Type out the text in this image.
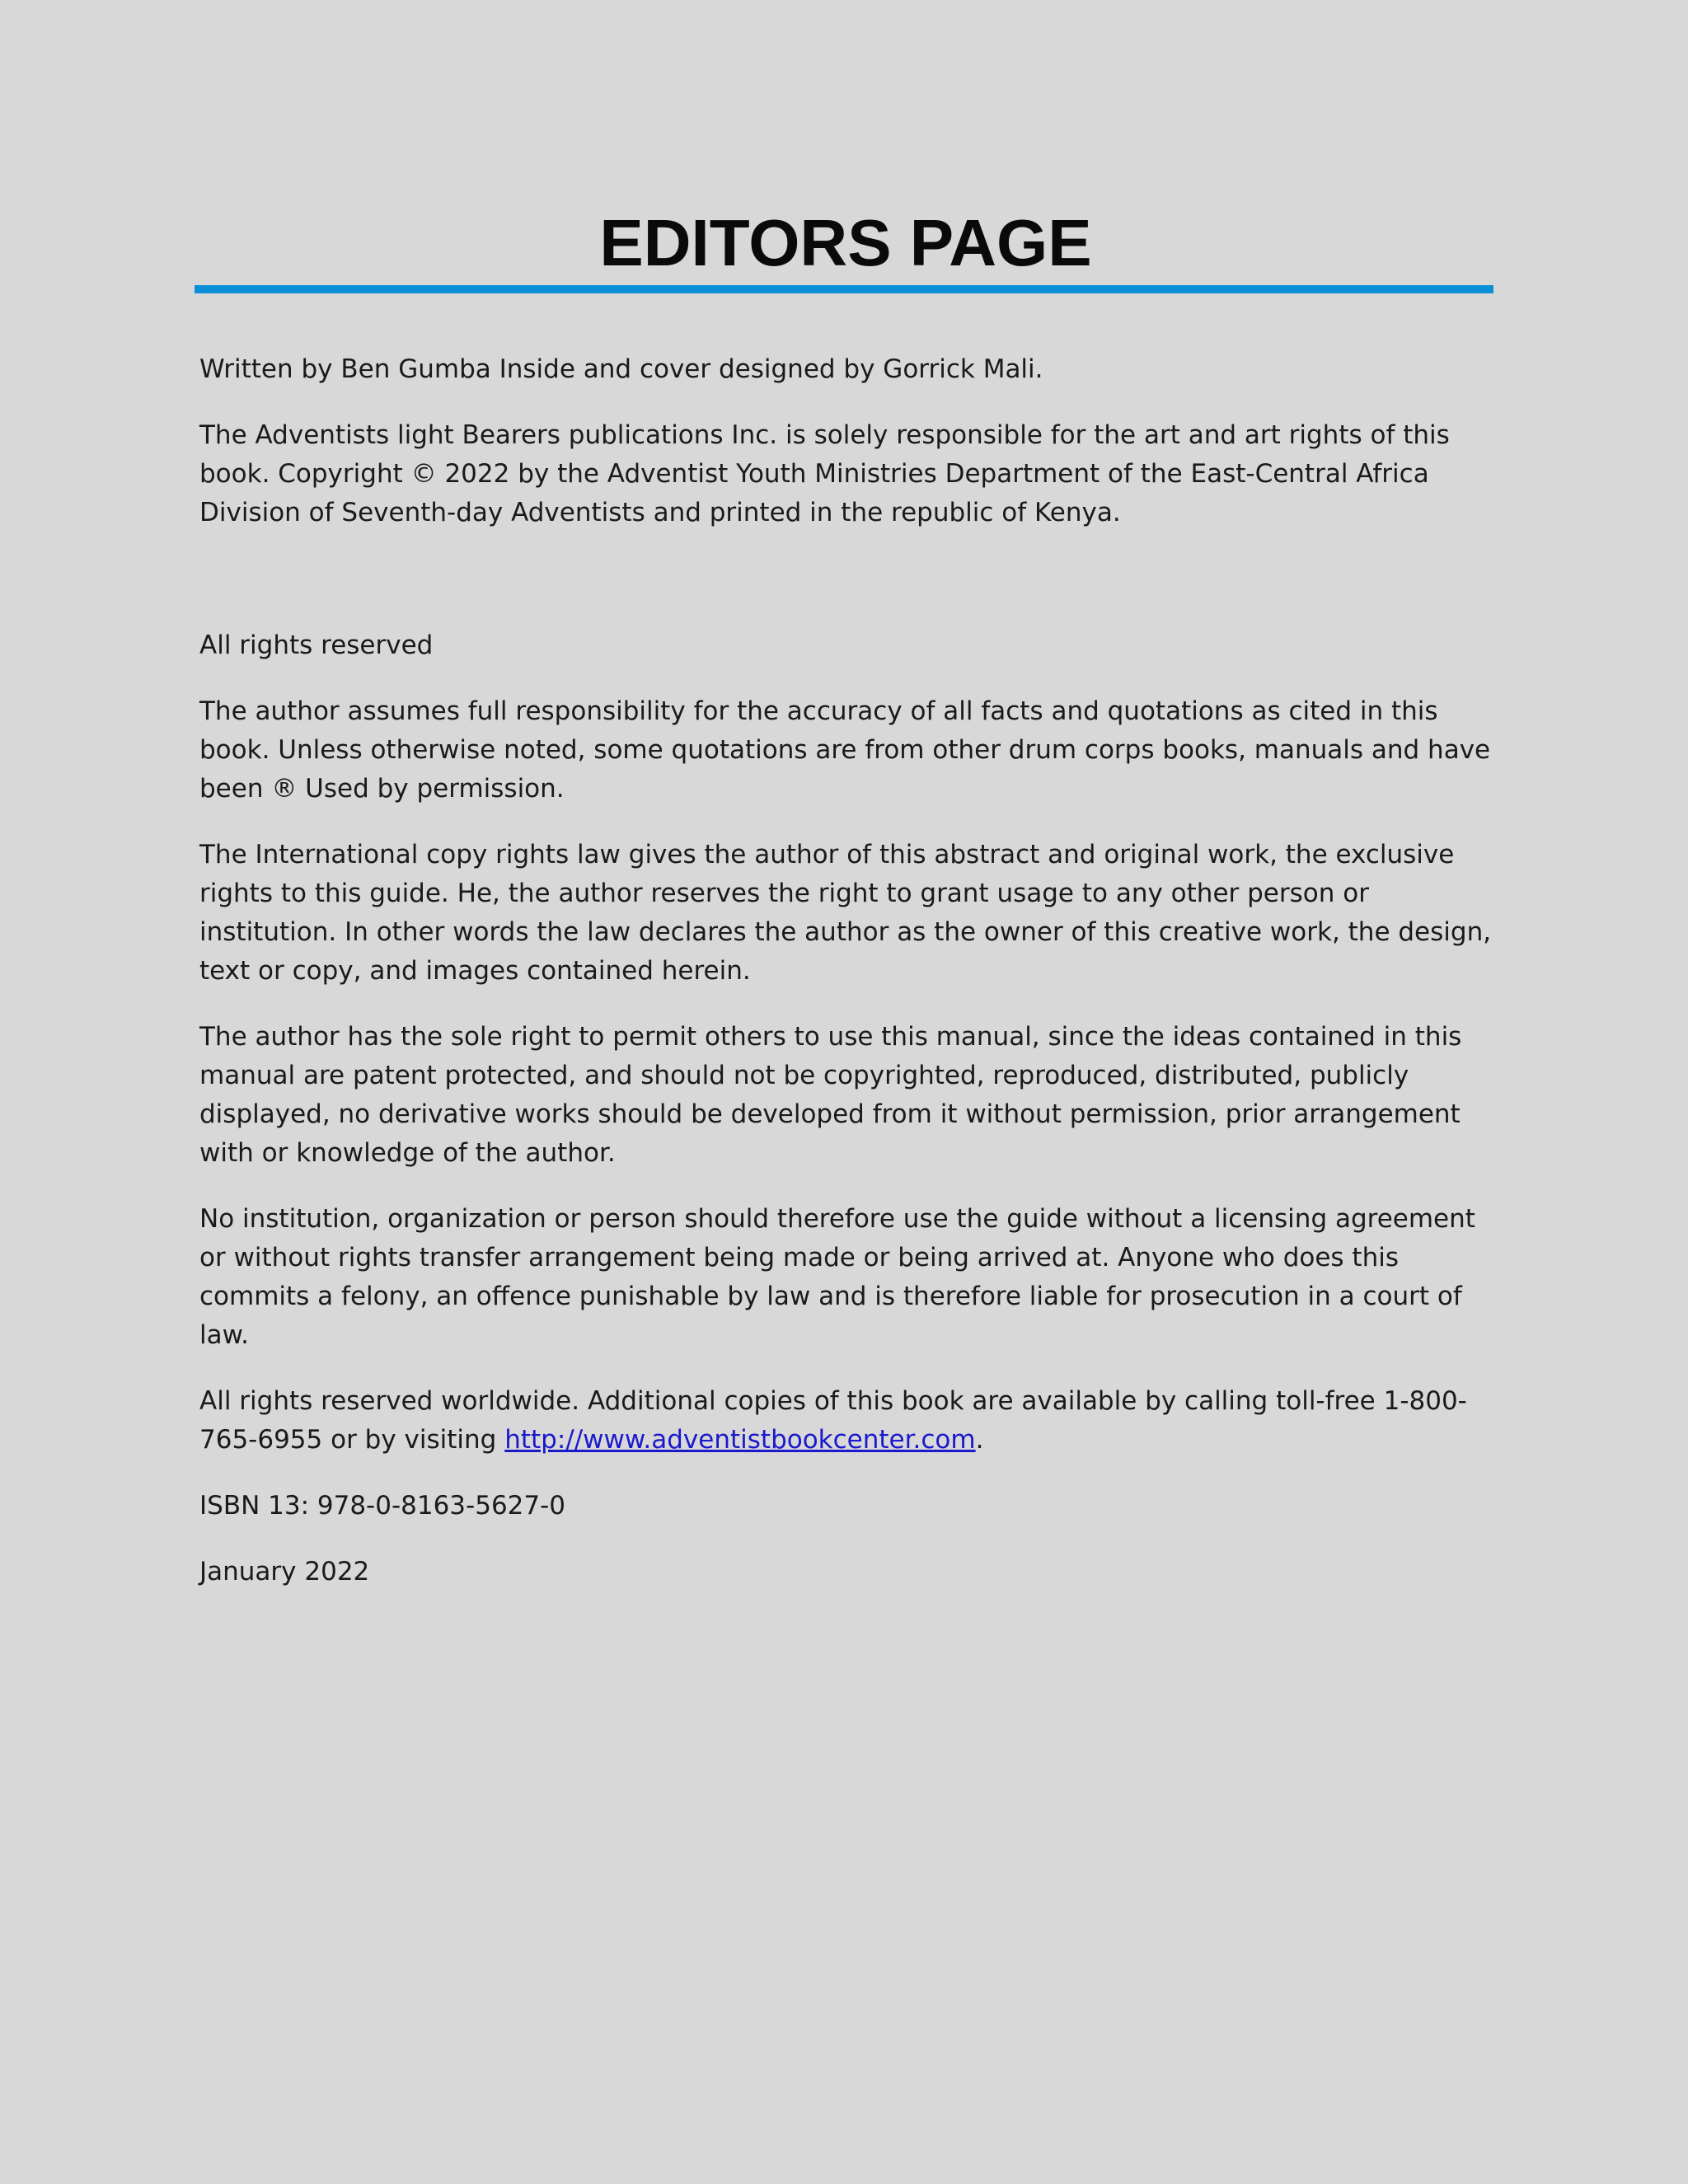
EDITORS PAGE

Written by Ben Gumba Inside and cover designed by Gorrick Mali.

The Adventists light Bearers publications Inc. is solely responsible for the art and art rights of this book. Copyright © 2022 by the Adventist Youth Ministries Department of the East-Central Africa Division of Seventh-day Adventists and printed in the republic of Kenya.

All rights reserved

The author assumes full responsibility for the accuracy of all facts and quotations as cited in this book. Unless otherwise noted, some quotations are from other drum corps books, manuals and have been ® Used by permission.

The International copy rights law gives the author of this abstract and original work, the exclusive rights to this guide. He, the author reserves the right to grant usage to any other person or institution. In other words the law declares the author as the owner of this creative work, the design, text or copy, and images contained herein.

The author has the sole right to permit others to use this manual, since the ideas contained in this manual are patent protected, and should not be copyrighted, reproduced, distributed, publicly displayed, no derivative works should be developed from it without permission, prior arrangement with or knowledge of the author.

No institution, organization or person should therefore use the guide without a licensing agreement or without rights transfer arrangement being made or being arrived at. Anyone who does this commits a felony, an offence punishable by law and is therefore liable for prosecution in a court of law.

All rights reserved worldwide. Additional copies of this book are available by calling toll-free 1-800-765-6955 or by visiting http://www.adventistbookcenter.com.

ISBN 13: 978-0-8163-5627-0

January 2022
